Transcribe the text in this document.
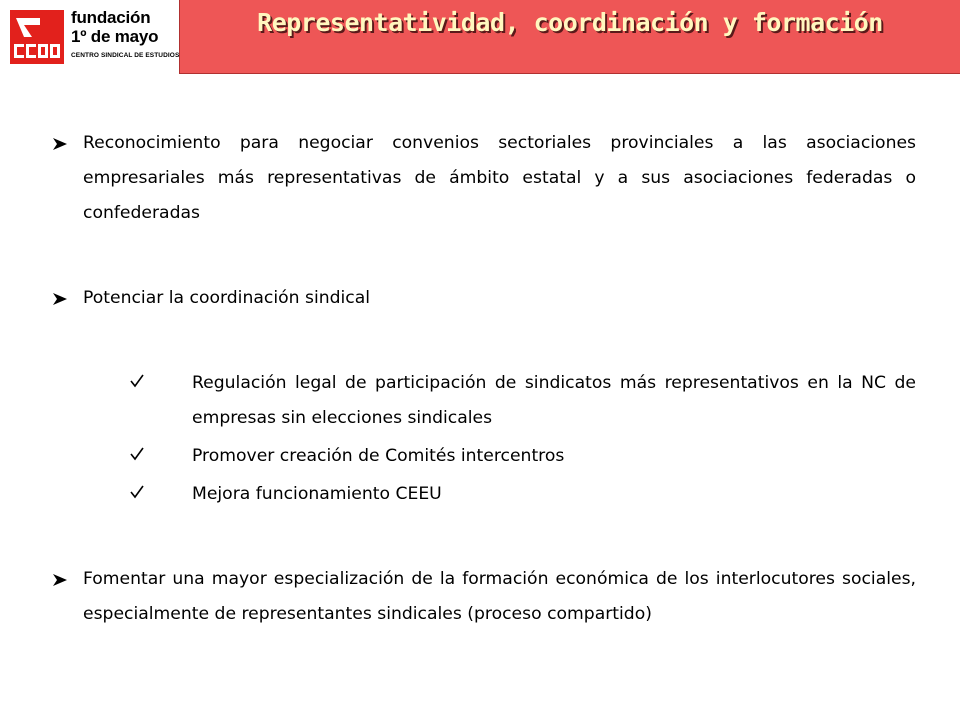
fundación
1º de mayo
CENTRO SINDICAL DE ESTUDIOS
Representatividad, coordinación y formación
Reconocimiento para negociar convenios sectoriales provinciales a las asociaciones empresariales más representativas de ámbito estatal y a sus asociaciones federadas o confederadas
Potenciar la coordinación sindical
Regulación legal de participación de sindicatos más representativos en la NC de empresas sin elecciones sindicales
Promover creación de Comités intercentros
Mejora funcionamiento CEEU
Fomentar una mayor especialización de la formación económica de los interlocutores sociales, especialmente de representantes sindicales (proceso compartido)
